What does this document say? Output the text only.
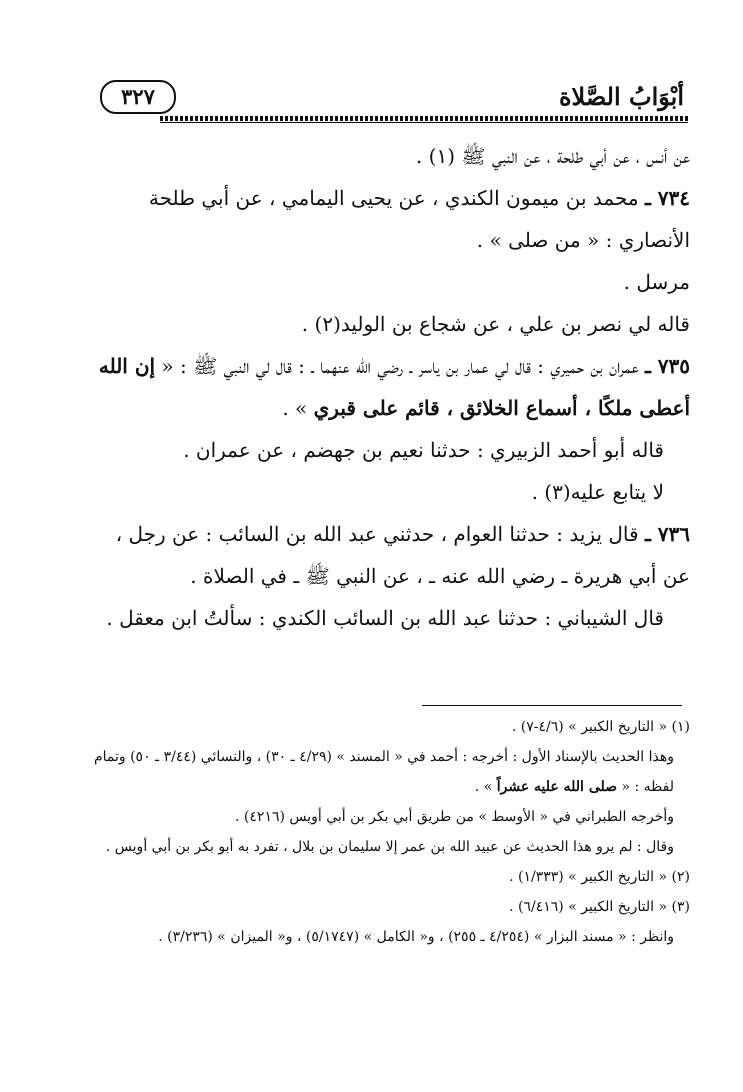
٣٢٧	أبْوَابُ الصَّلاة

عن أنس ، عن أبي طلحة ، عن النبي ﷺ (١) .

٧٣٤ ـ محمد بن ميمون الكندي ، عن يحيى اليمامي ، عن أبي طلحة الأنصاري : « من صلى » .

مرسل .

قاله لي نصر بن علي ، عن شجاع بن الوليد(٢) .

٧٣٥ ـ عمران بن حميري : قال لي عمار بن ياسر ـ رضي الله عنهما ـ : قال لي النبي ﷺ : « إن الله أعطى ملكًا ، أسماع الخلائق ، قائم على قبري » .

قاله أبو أحمد الزبيري : حدثنا نعيم بن جهضم ، عن عمران .

لا يتابع عليه(٣) .

٧٣٦ ـ قال يزيد : حدثنا العوام ، حدثني عبد الله بن السائب : عن رجل ، عن أبي هريرة ـ رضي الله عنه ـ ، عن النبي ﷺ ـ في الصلاة .

قال الشيباني : حدثنا عبد الله بن السائب الكندي : سألتُ ابن معقل .

(١) « التاريخ الكبير » (٤/٦-٧) .

وهذا الحديث بالإسناد الأول : أخرجه : أحمد في « المسند » (٤/٢٩ ـ ٣٠) ، والنسائي (٣/٤٤ ـ ٥٠) وتمام لفظه : « صلى الله عليه عشراً » .

وأخرجه الطبراني في « الأوسط » من طريق أبي بكر بن أبي أويس (٤٢١٦) .

وقال : لم يرو هذا الحديث عن عبيد الله بن عمر إلا سليمان بن بلال ، تفرد به أبو بكر بن أبي أويس .

(٢) « التاريخ الكبير » (١/٣٣٣) .

(٣) « التاريخ الكبير » (٦/٤١٦) .

وانظر : « مسند البزار » (٤/٢٥٤ ـ ٢٥٥) ، و« الكامل » (٥/١٧٤٧) ، و« الميزان » (٣/٢٣٦) .
